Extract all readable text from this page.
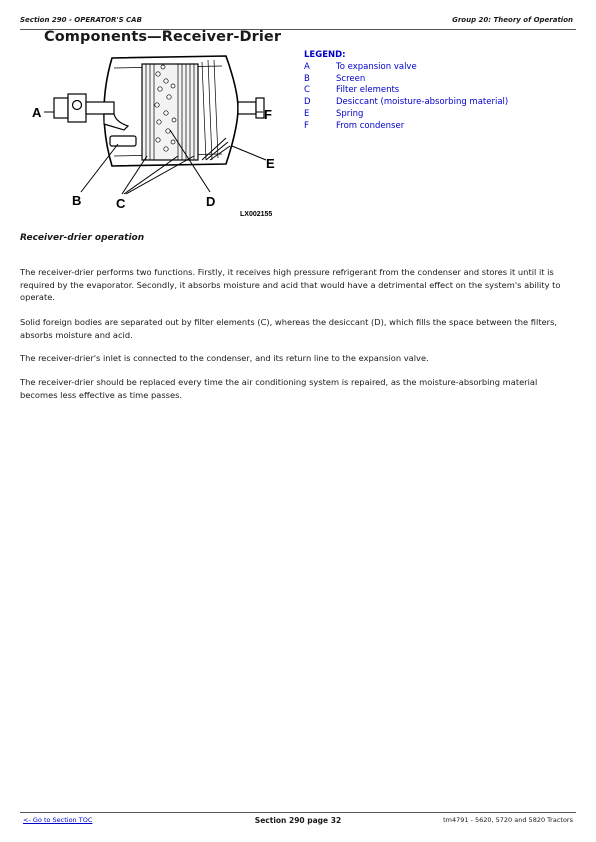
Section 290 - OPERATOR'S CAB	Group 20: Theory of Operation
Components—Receiver-Drier
A	F
E
B	C	D
LX002155
LEGEND:
A	To expansion valve
B	Screen
C	Filter elements
D	Desiccant (moisture-absorbing material)
E	Spring
F	From condenser
Receiver-drier operation
The receiver-drier performs two functions. Firstly, it receives high pressure refrigerant from the condenser and stores it until it is required by the evaporator. Secondly, it absorbs moisture and acid that would have a detrimental effect on the system's ability to operate.
Solid foreign bodies are separated out by filter elements (C), whereas the desiccant (D), which fills the space between the filters, absorbs moisture and acid.
The receiver-drier's inlet is connected to the condenser, and its return line to the expansion valve.
The receiver-drier should be replaced every time the air conditioning system is repaired, as the moisture-absorbing material becomes less effective as time passes.
<- Go to Section TOC	Section 290 page 32	tm4791 - 5620, 5720 and 5820 Tractors
